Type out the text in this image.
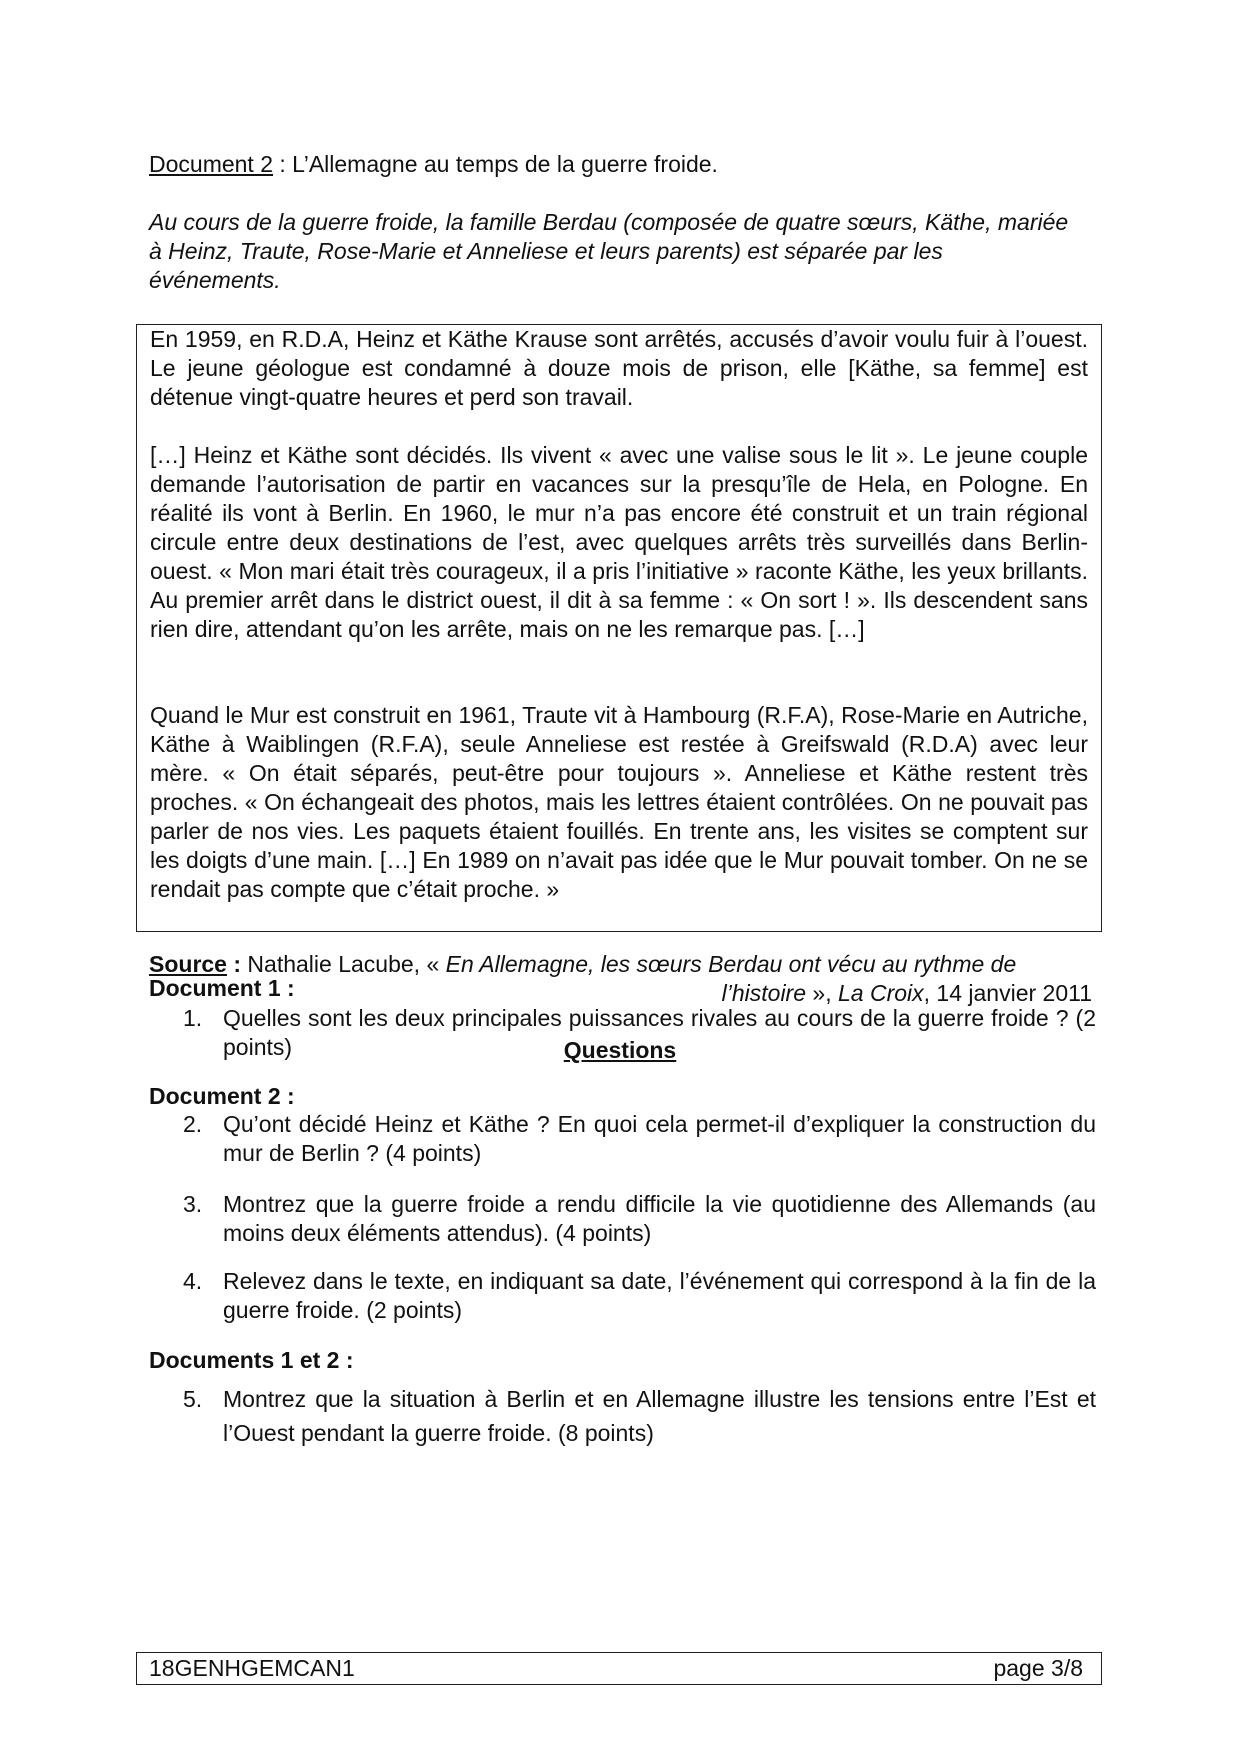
Document 2 : L’Allemagne au temps de la guerre froide.
Au cours de la guerre froide, la famille Berdau (composée de quatre sœurs, Käthe, mariée à Heinz, Traute, Rose-Marie et Anneliese et leurs parents) est séparée par les événements.

En 1959, en R.D.A, Heinz et Käthe Krause sont arrêtés, accusés d’avoir voulu fuir à l’ouest. Le jeune géologue est condamné à douze mois de prison, elle [Käthe, sa femme] est détenue vingt-quatre heures et perd son travail.

[…] Heinz et Käthe sont décidés. Ils vivent « avec une valise sous le lit ». Le jeune couple demande l’autorisation de partir en vacances sur la presqu’île de Hela, en Pologne. En réalité ils vont à Berlin. En 1960, le mur n’a pas encore été construit et un train régional circule entre deux destinations de l’est, avec quelques arrêts très surveillés dans Berlin-ouest. « Mon mari était très courageux, il a pris l’initiative » raconte Käthe, les yeux brillants. Au premier arrêt dans le district ouest, il dit à sa femme : « On sort ! ». Ils descendent sans rien dire, attendant qu’on les arrête, mais on ne les remarque pas. […]

Quand le Mur est construit en 1961, Traute vit à Hambourg (R.F.A), Rose-Marie en Autriche, Käthe à Waiblingen (R.F.A), seule Anneliese est restée à Greifswald (R.D.A) avec leur mère. « On était séparés, peut-être pour toujours ». Anneliese et Käthe restent très proches. « On échangeait des photos, mais les lettres étaient contrôlées. On ne pouvait pas parler de nos vies. Les paquets étaient fouillés. En trente ans, les visites se comptent sur les doigts d’une main. […] En 1989 on n’avait pas idée que le Mur pouvait tomber. On ne se rendait pas compte que c’était proche. »

Source : Nathalie Lacube, « En Allemagne, les sœurs Berdau ont vécu au rythme de
l’histoire », La Croix, 14 janvier 2011
Questions
Document 1 :
1. Quelles sont les deux principales puissances rivales au cours de la guerre froide ? (2 points)
Document 2 :
2. Qu’ont décidé Heinz et Käthe ? En quoi cela permet-il d’expliquer la construction du mur de Berlin ? (4 points)
3. Montrez que la guerre froide a rendu difficile la vie quotidienne des Allemands (au moins deux éléments attendus). (4 points)
4. Relevez dans le texte, en indiquant sa date, l’événement qui correspond à la fin de la guerre froide. (2 points)
Documents 1 et 2 :
5. Montrez que la situation à Berlin et en Allemagne illustre les tensions entre l’Est et l’Ouest pendant la guerre froide. (8 points)
18GENHGEMCAN1	page 3/8
